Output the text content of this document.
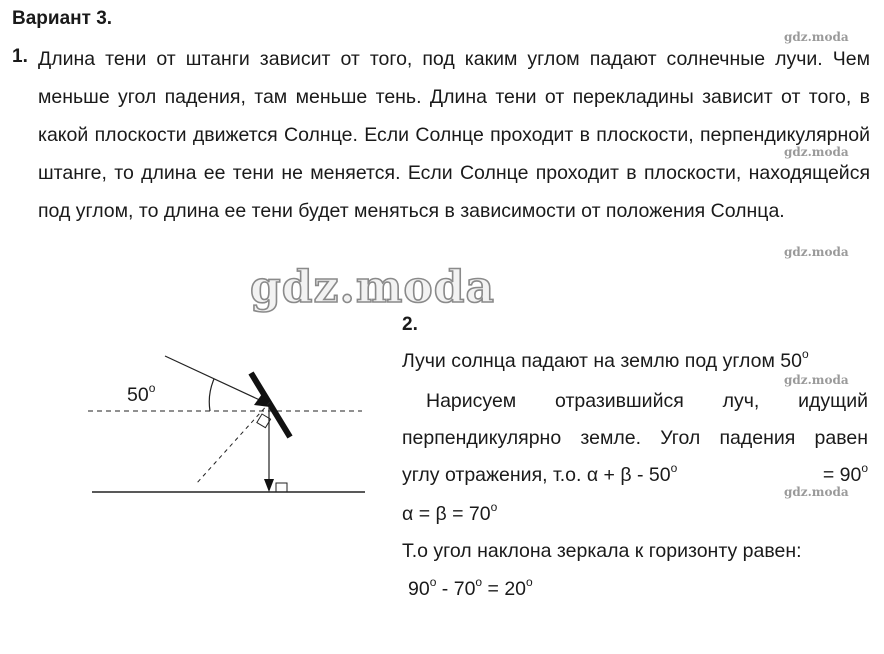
Вариант 3.
1. Длина тени от штанги зависит от того, под каким углом падают солнечные лучи. Чем меньше угол падения, там меньше тень. Длина тени от перекладины зависит от того, в какой плоскости движется Солнце. Если Солнце проходит в плоскости, перпендикулярной штанге, то длина ее тени не меняется. Если Солнце проходит в плоскости, находящейся под углом, то длина ее тени будет меняться в зависимости от положения Солнца.
gdz.moda
gdz.moda
gdz.moda
gdz.moda
gdz.moda
gdz.moda
50$^o$
2.
Лучи солнца падают на землю под углом 50$^o$
Нарисуем отразившийся луч, идущий
перпендикулярно земле. Угол падения равен
углу отражения, т.о. $\alpha + \beta - 50^o$	= $90^o$
$\alpha = \beta = 70^o$
Т.о угол наклона зеркала к горизонту равен:
$90^o - 70^o = 20^o$
